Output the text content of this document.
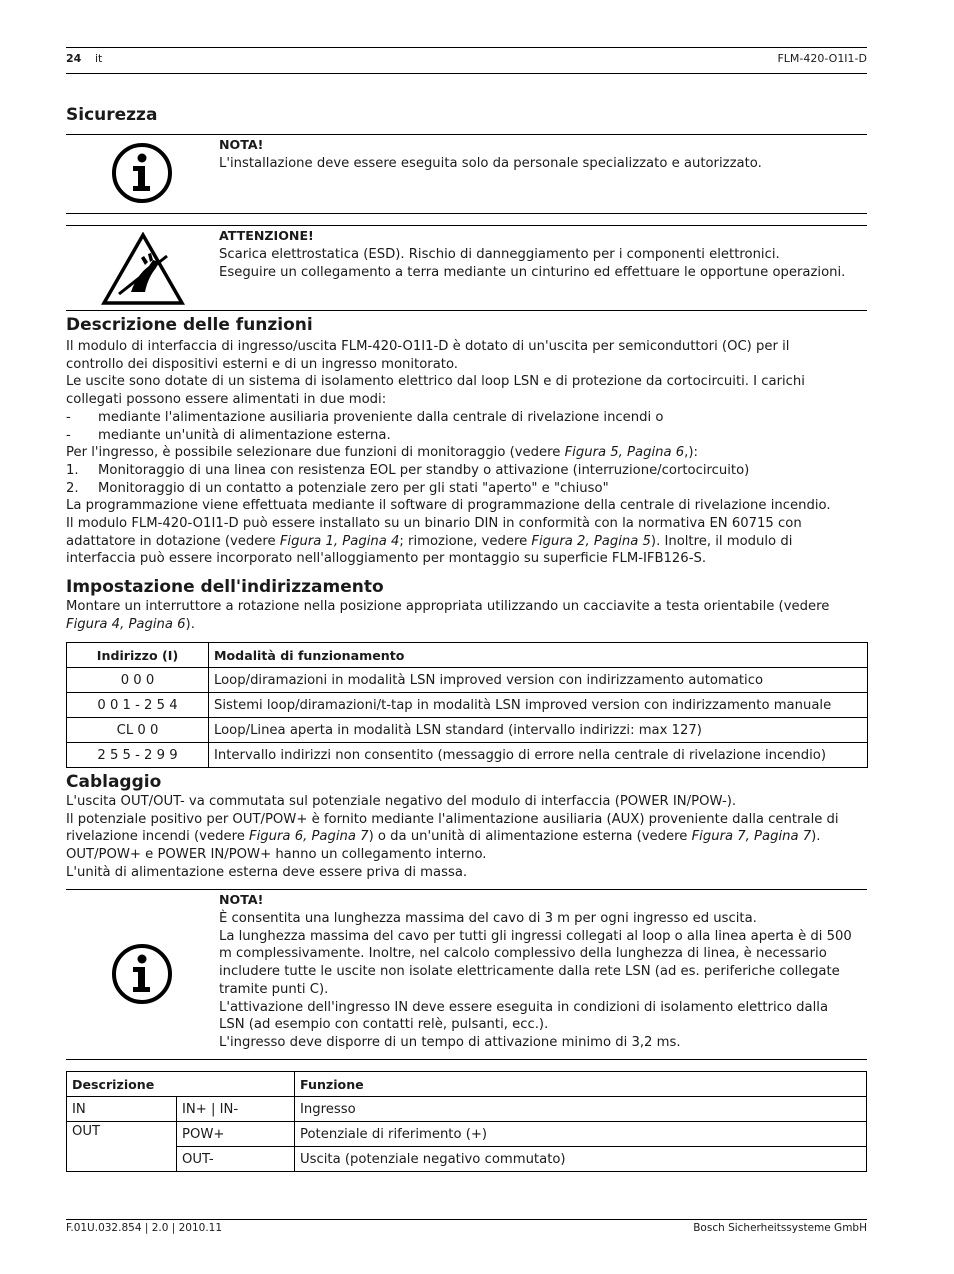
24 it	FLM-420-O1I1-D
Sicurezza
NOTA!

L'installazione deve essere eseguita solo da personale specializzato e autorizzato.

ATTENZIONE!

Scarica elettrostatica (ESD). Rischio di danneggiamento per i componenti elettronici.

Eseguire un collegamento a terra mediante un cinturino ed effettuare le opportune operazioni.

Descrizione delle funzioni

Il modulo di interfaccia di ingresso/uscita FLM-420-O1I1-D è dotato di un'uscita per semiconduttori (OC) per il

controllo dei dispositivi esterni e di un ingresso monitorato.

Le uscite sono dotate di un sistema di isolamento elettrico dal loop LSN e di protezione da cortocircuiti. I carichi

collegati possono essere alimentati in due modi:

- mediante l'alimentazione ausiliaria proveniente dalla centrale di rivelazione incendi o

- mediante un'unità di alimentazione esterna.

Per l'ingresso, è possibile selezionare due funzioni di monitoraggio (vedere Figura 5, Pagina 6,):

1. Monitoraggio di una linea con resistenza EOL per standby o attivazione (interruzione/cortocircuito)

2. Monitoraggio di un contatto a potenziale zero per gli stati "aperto" e "chiuso"

La programmazione viene effettuata mediante il software di programmazione della centrale di rivelazione incendio.

Il modulo FLM-420-O1I1-D può essere installato su un binario DIN in conformità con la normativa EN 60715 con

adattatore in dotazione (vedere Figura 1, Pagina 4; rimozione, vedere Figura 2, Pagina 5). Inoltre, il modulo di

interfaccia può essere incorporato nell'alloggiamento per montaggio su superficie FLM-IFB126-S.

Impostazione dell'indirizzamento

Montare un interruttore a rotazione nella posizione appropriata utilizzando un cacciavite a testa orientabile (vedere

Figura 4, Pagina 6).

Indirizzo (I)	Modalità di funzionamento
0 0 0	Loop/diramazioni in modalità LSN improved version con indirizzamento automatico
0 0 1 - 2 5 4	Sistemi loop/diramazioni/t-tap in modalità LSN improved version con indirizzamento manuale
CL 0 0	Loop/Linea aperta in modalità LSN standard (intervallo indirizzi: max 127)
2 5 5 - 2 9 9	Intervallo indirizzi non consentito (messaggio di errore nella centrale di rivelazione incendio)
Cablaggio

L'uscita OUT/OUT- va commutata sul potenziale negativo del modulo di interfaccia (POWER IN/POW-).

Il potenziale positivo per OUT/POW+ è fornito mediante l'alimentazione ausiliaria (AUX) proveniente dalla centrale di

rivelazione incendi (vedere Figura 6, Pagina 7) o da un'unità di alimentazione esterna (vedere Figura 7, Pagina 7).

OUT/POW+ e POWER IN/POW+ hanno un collegamento interno.

L'unità di alimentazione esterna deve essere priva di massa.

NOTA!

È consentita una lunghezza massima del cavo di 3 m per ogni ingresso ed uscita.

La lunghezza massima del cavo per tutti gli ingressi collegati al loop o alla linea aperta è di 500

m complessivamente. Inoltre, nel calcolo complessivo della lunghezza di linea, è necessario

includere tutte le uscite non isolate elettricamente dalla rete LSN (ad es. periferiche collegate

tramite punti C).

L'attivazione dell'ingresso IN deve essere eseguita in condizioni di isolamento elettrico dalla

LSN (ad esempio con contatti relè, pulsanti, ecc.).

L'ingresso deve disporre di un tempo di attivazione minimo di 3,2 ms.

Descrizione		Funzione
IN	IN+ | IN-	Ingresso
OUT	POW+	Potenziale di riferimento (+)
	OUT-	Uscita (potenziale negativo commutato)
F.01U.032.854 | 2.0 | 2010.11	Bosch Sicherheitssysteme GmbH
